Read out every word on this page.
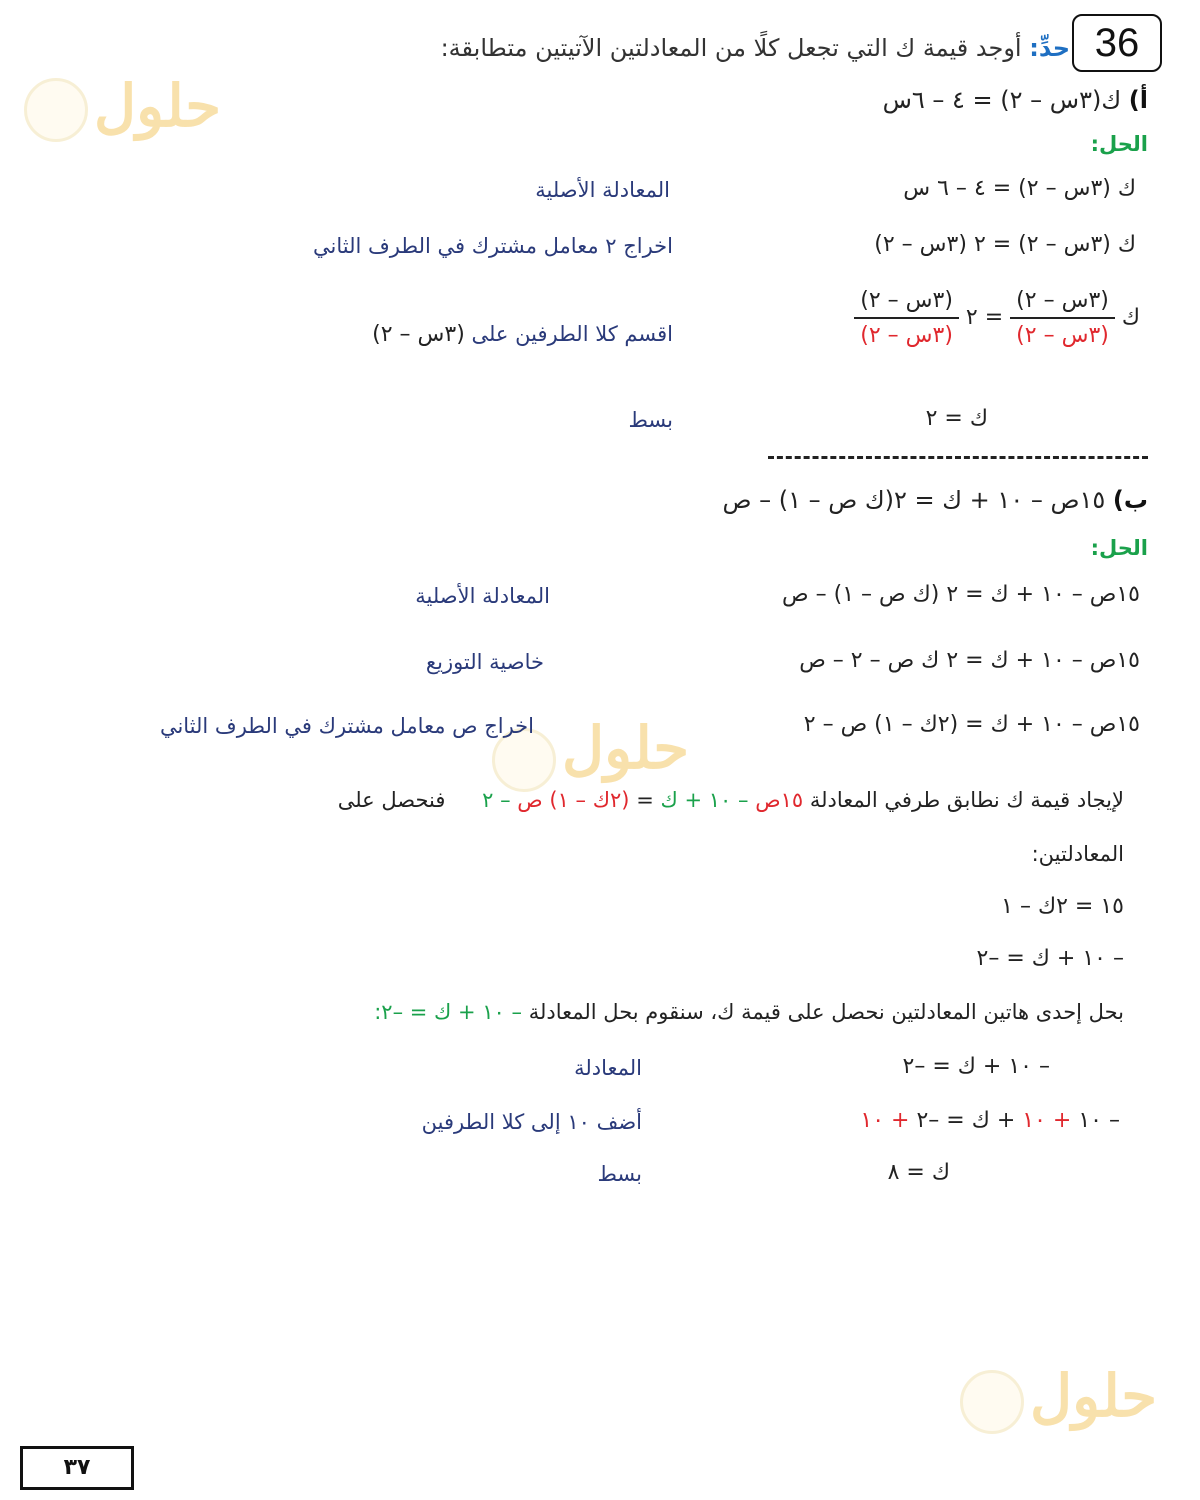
36
حدِّ: أوجد قيمة ك التي تجعل كلًا من المعادلتين الآتيتين متطابقة:
حلول
حلول
حلول
أ) ك(٣س – ٢) = ٤ – ٦س
الحل:
ك (٣س – ٢) = ٤ – ٦ س
المعادلة الأصلية
ك (٣س – ٢) = ٢ (٣س – ٢)
اخراج ٢ معامل مشترك في الطرف الثاني
ك
$\frac{\text{(٣س – ٢)}}{\text{(٣س – ٢)}}$
= ٢
$\frac{\text{(٣س – ٢)}}{\text{(٣س – ٢)}}$
اقسم كلا الطرفين على (٣س – ٢)
ك = ٢
بسط
ب) ١٥ص – ١٠ + ك = ٢(ك ص – ١) – ص
الحل:
١٥ص – ١٠ + ك = ٢ (ك ص – ١) – ص
المعادلة الأصلية
١٥ص – ١٠ + ك = ٢ ك ص – ٢ – ص
خاصية التوزيع
١٥ص – ١٠ + ك = (٢ك – ١) ص – ٢
اخراج ص معامل مشترك في الطرف الثاني
لإيجاد قيمة ك نطابق طرفي المعادلة ١٥ص – ١٠ + ك = (٢ك – ١) ص – ٢ فنحصل على
المعادلتين:
١٥ = ٢ك – ١
– ١٠ + ك = –٢
بحل إحدى هاتين المعادلتين نحصل على قيمة ك، سنقوم بحل المعادلة – ١٠ + ك = –٢:
– ١٠ + ك = –٢
المعادلة
– ١٠ + ١٠ + ك = –٢ + ١٠
أضف ١٠ إلى كلا الطرفين
ك = ٨
بسط
٣٧
